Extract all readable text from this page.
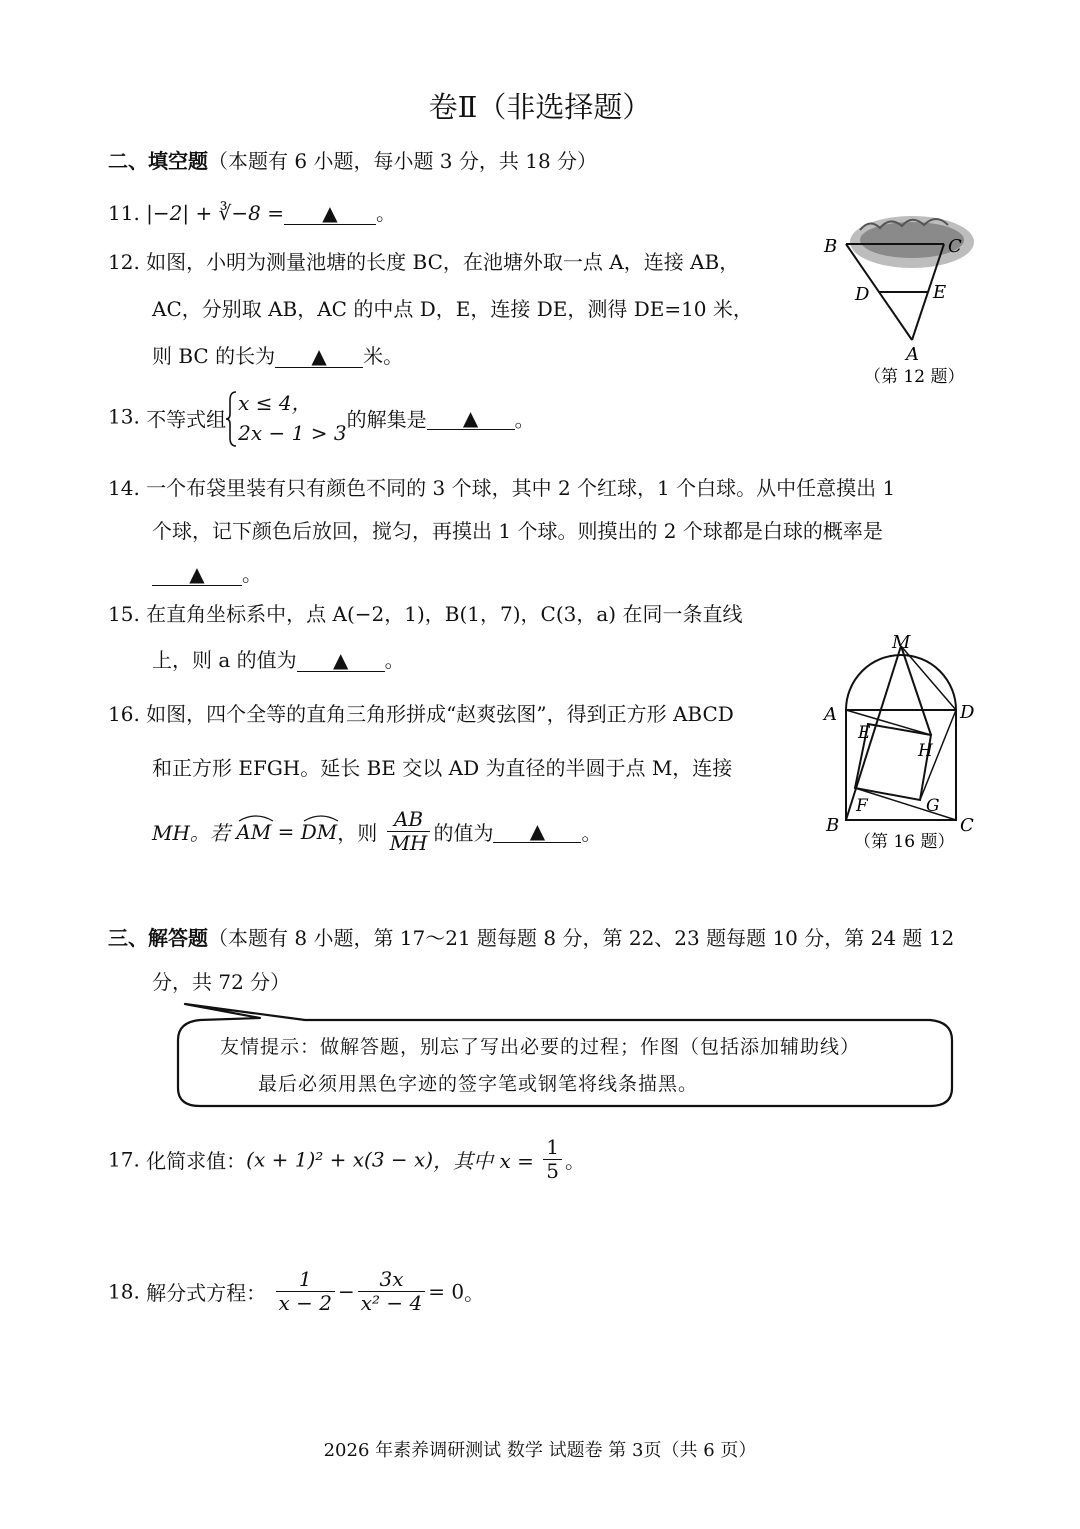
卷Ⅱ（非选择题）
二、填空题（本题有 6 小题，每小题 3 分，共 18 分）
11. |−2| + ∛−8 = ▲ 。
12. 如图，小明为测量池塘的长度 BC，在池塘外取一点 A，连接 AB，
AC，分别取 AB，AC 的中点 D，E，连接 DE，测得 DE=10 米，
则 BC 的长为 ▲ 米。
B	C
D	E
A
（第 12 题）
13. 不等式组
x ≤ 4，
2x − 1 > 3
的解集是 ▲ 。
14. 一个布袋里装有只有颜色不同的 3 个球，其中 2 个红球，1 个白球。从中任意摸出 1
个球，记下颜色后放回，搅匀，再摸出 1 个球。则摸出的 2 个球都是白球的概率是
▲ 。
15. 在直角坐标系中，点 A(−2，1)，B(1，7)，C(3，a) 在同一条直线
上，则 a 的值为 ▲ 。
16. 如图，四个全等的直角三角形拼成“赵爽弦图”，得到正方形 ABCD
和正方形 EFGH。延长 BE 交以 AD 为直径的半圆于点 M，连接
MH。若 AM = DM，则 $\frac{AB}{MH}$ 的值为 ▲ 。
M
A	D
E
H
F	G
B	C
（第 16 题）
三、解答题（本题有 8 小题，第 17～21 题每题 8 分，第 22、23 题每题 10 分，第 24 题 12
分，共 72 分）
友情提示：做解答题，别忘了写出必要的过程；作图（包括添加辅助线）
最后必须用黑色字迹的签字笔或钢笔将线条描黑。
17. 化简求值：(x + 1)² + x(3 − x)，其中 $x = \frac{1}{5}$ 。
18. 解分式方程： $\frac{1}{x - 2} - \frac{3x}{\text{x² − 4}} = 0$。
2026 年素养调研测试 数学 试题卷 第 3页（共 6 页）
